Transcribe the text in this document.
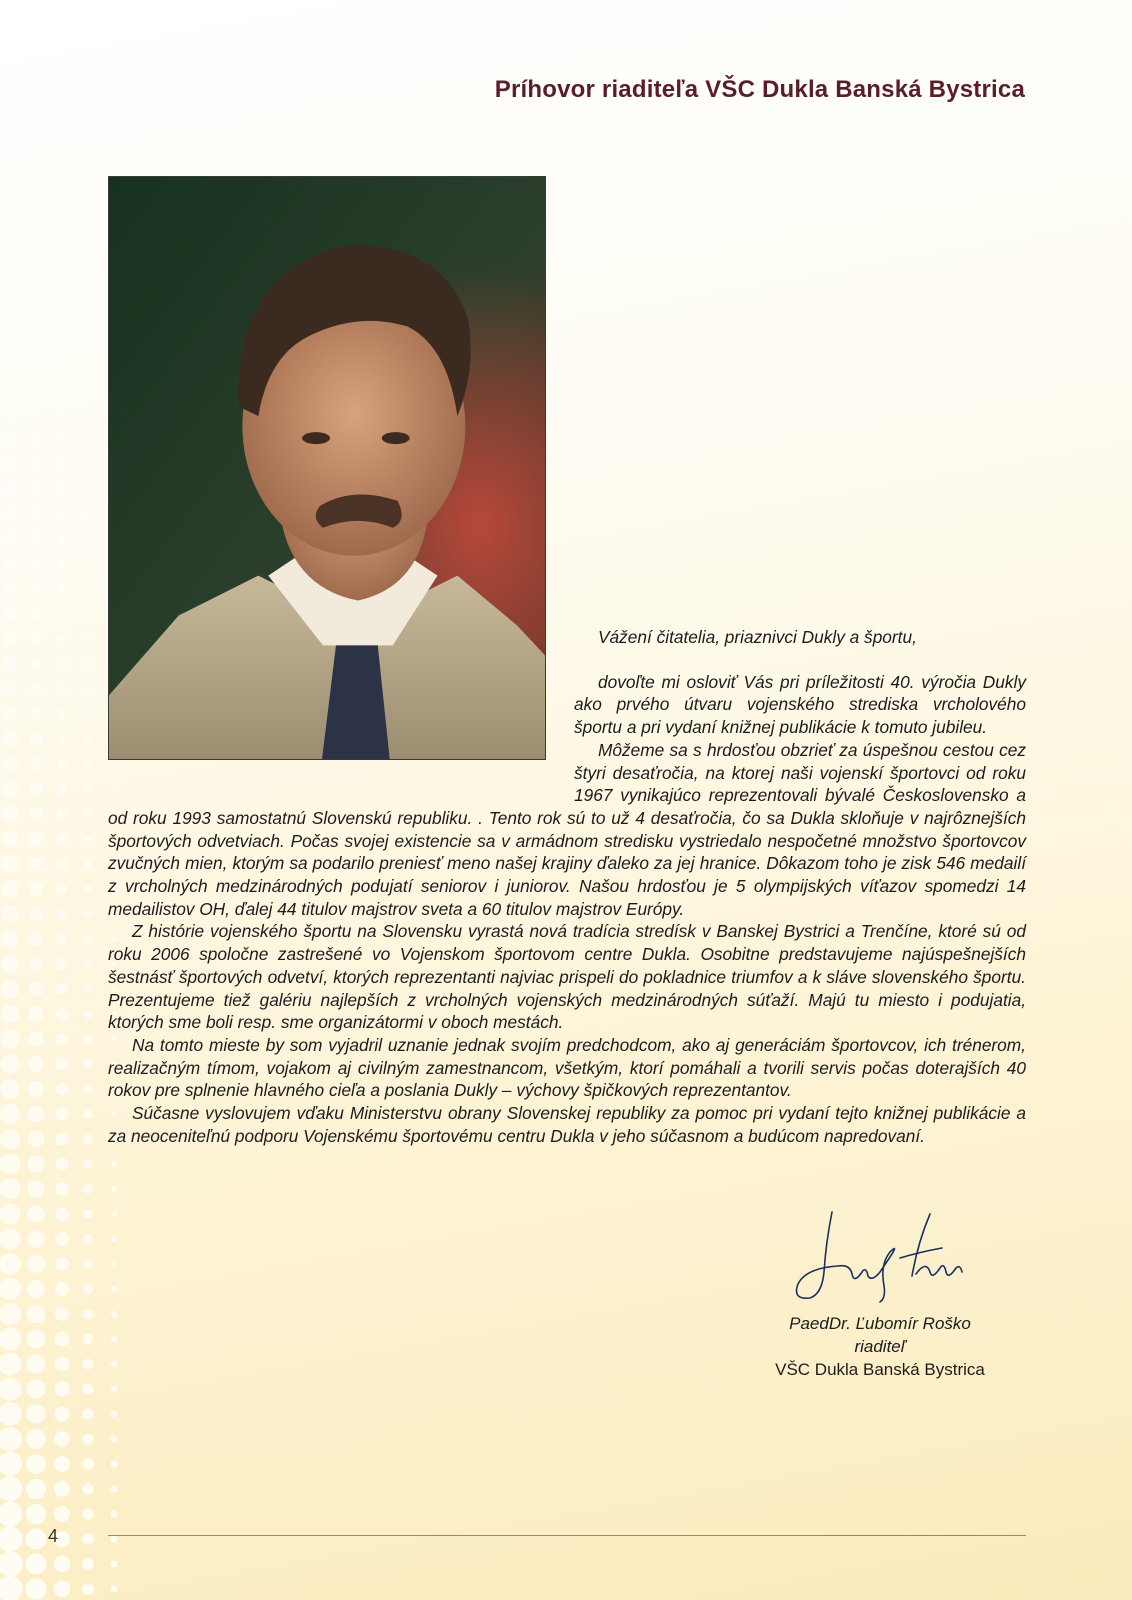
Príhovor riaditeľa VŠC Dukla Banská Bystrica

Vážení čitatelia, priaznivci Dukly a športu,

dovoľte mi osloviť Vás pri príležitosti 40. výročia Dukly ako prvého útvaru vojenského strediska vrcholového športu a pri vydaní knižnej publikácie k tomuto jubileu.

Môžeme sa s hrdosťou obzrieť za úspešnou cestou cez štyri desaťročia, na ktorej naši vojenskí športovci od roku 1967 vynikajúco reprezentovali bývalé Československo a od roku 1993 samostatnú Slovenskú republiku. . Tento rok sú to už 4 desaťročia, čo sa Dukla skloňuje v najrôznejších športových odvetviach. Počas svojej existencie sa v armádnom stredisku vystriedalo nespočetné množstvo športovcov zvučných mien, ktorým sa podarilo preniesť meno našej krajiny ďaleko za jej hranice. Dôkazom toho je zisk 546 medailí z vrcholných medzinárodných podujatí seniorov i juniorov. Našou hrdosťou je 5 olympijských víťazov spomedzi 14 medailistov OH, ďalej 44 titulov majstrov sveta a 60 titulov majstrov Európy.

Z histórie vojenského športu na Slovensku vyrastá nová tradícia stredísk v Banskej Bystrici a Trenčíne, ktoré sú od roku 2006 spoločne zastrešené vo Vojenskom športovom centre Dukla. Osobitne predstavujeme najúspešnejších šestnásť športových odvetví, ktorých reprezentanti najviac prispeli do pokladnice triumfov a k sláve slovenského športu. Prezentujeme tiež galériu najlepších z vrcholných vojenských medzinárodných súťaží. Majú tu miesto i podujatia, ktorých sme boli resp. sme organizátormi v oboch mestách.

Na tomto mieste by som vyjadril uznanie jednak svojím predchodcom, ako aj generáciám športovcov, ich trénerom, realizačným tímom, vojakom aj civilným zamestnancom, všetkým, ktorí pomáhali a tvorili servis počas doterajších 40 rokov pre splnenie hlavného cieľa a poslania Dukly – výchovy špičkových reprezentantov.

Súčasne vyslovujem vďaku Ministerstvu obrany Slovenskej republiky za pomoc pri vydaní tejto knižnej publikácie a za neoceniteľnú podporu Vojenskému športovému centru Dukla v jeho súčasnom a budúcom napredovaní.

PaedDr. Ľubomír Roško
riaditeľ
VŠC Dukla Banská Bystrica
4
